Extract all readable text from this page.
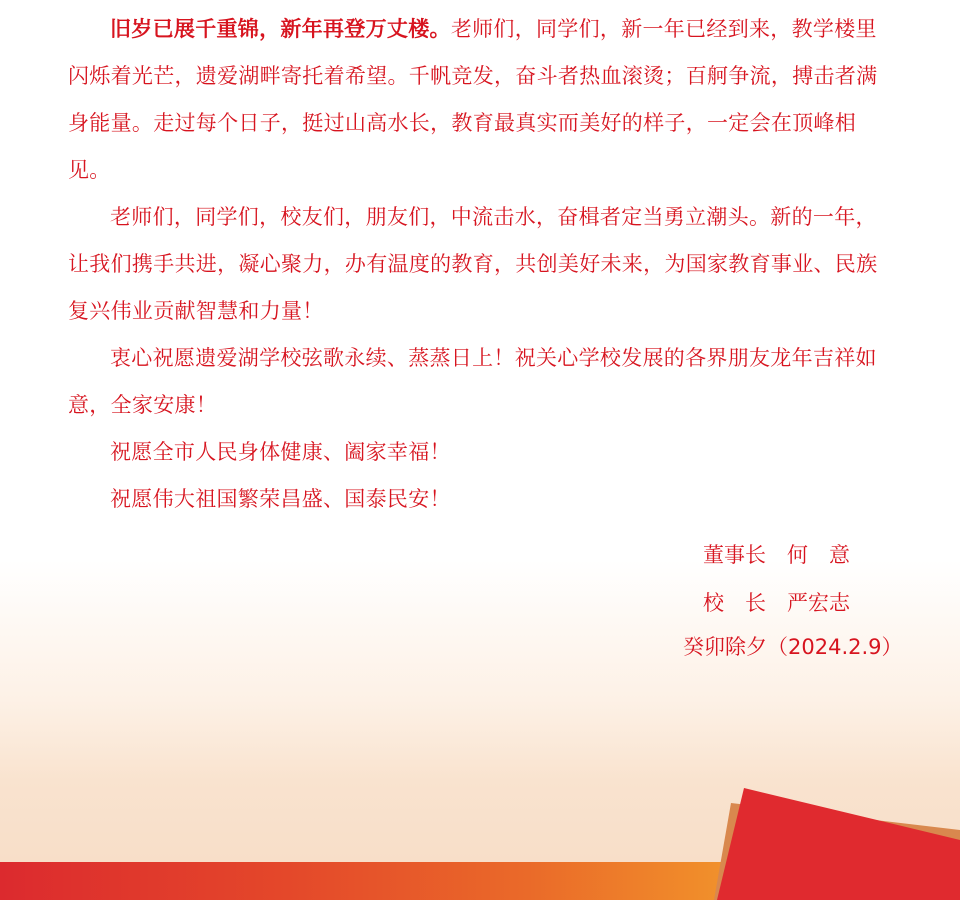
旧岁已展千重锦，新年再登万丈楼。老师们，同学们，新一年已经到来，教学楼里闪烁着光芒，遗爱湖畔寄托着希望。千帆竞发，奋斗者热血滚烫；百舸争流，搏击者满身能量。走过每个日子，挺过山高水长，教育最真实而美好的样子，一定会在顶峰相见。

老师们，同学们，校友们，朋友们，中流击水，奋楫者定当勇立潮头。新的一年，让我们携手共进，凝心聚力，办有温度的教育，共创美好未来，为国家教育事业、民族复兴伟业贡献智慧和力量！

衷心祝愿遗爱湖学校弦歌永续、蒸蒸日上！祝关心学校发展的各界朋友龙年吉祥如意，全家安康！

祝愿全市人民身体健康、阖家幸福！

祝愿伟大祖国繁荣昌盛、国泰民安！

董事长　何　意
校　长　严宏志
癸卯除夕（2024.2.9）
